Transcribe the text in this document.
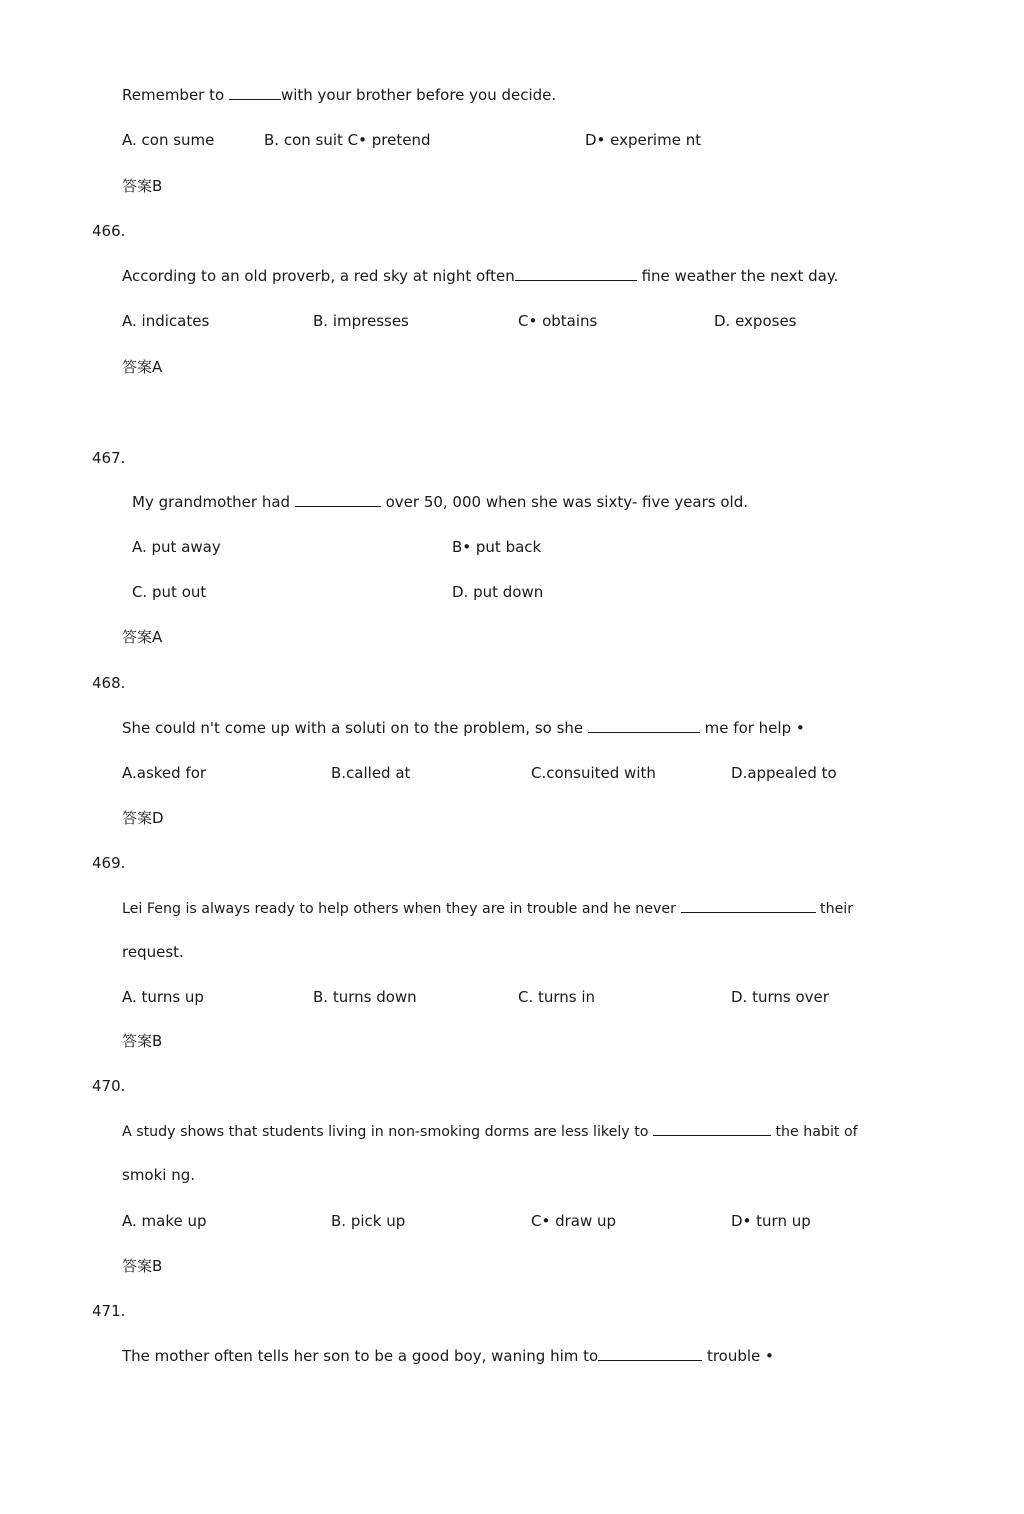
Remember to	with your brother before you decide.
A. con sume	B. con suit C• pretend	D• experime nt
答案B
466.
According to an old proverb, a red sky at night often	fine weather the next day.
A. indicates	B. impresses	C• obtains	D. exposes
答案A
467.
My grandmother had	over 50, 000 when she was sixty- five years old.
A. put away	B• put back
C. put out	D. put down
答案A
468.
She could n't come up with a soluti on to the problem, so she	me for help •
A.asked for	B.called at	C.consuited with	D.appealed to
答案D
469.
Lei Feng is always ready to help others when they are in trouble and he never	their
request.
A. turns up	B. turns down	C. turns in	D. turns over
答案B
470.
A study shows that students living in non-smoking dorms are less likely to	the habit of
smoki ng.
A. make up	B. pick up	C• draw up	D• turn up
答案B
471.
The mother often tells her son to be a good boy, waning him to	trouble •
